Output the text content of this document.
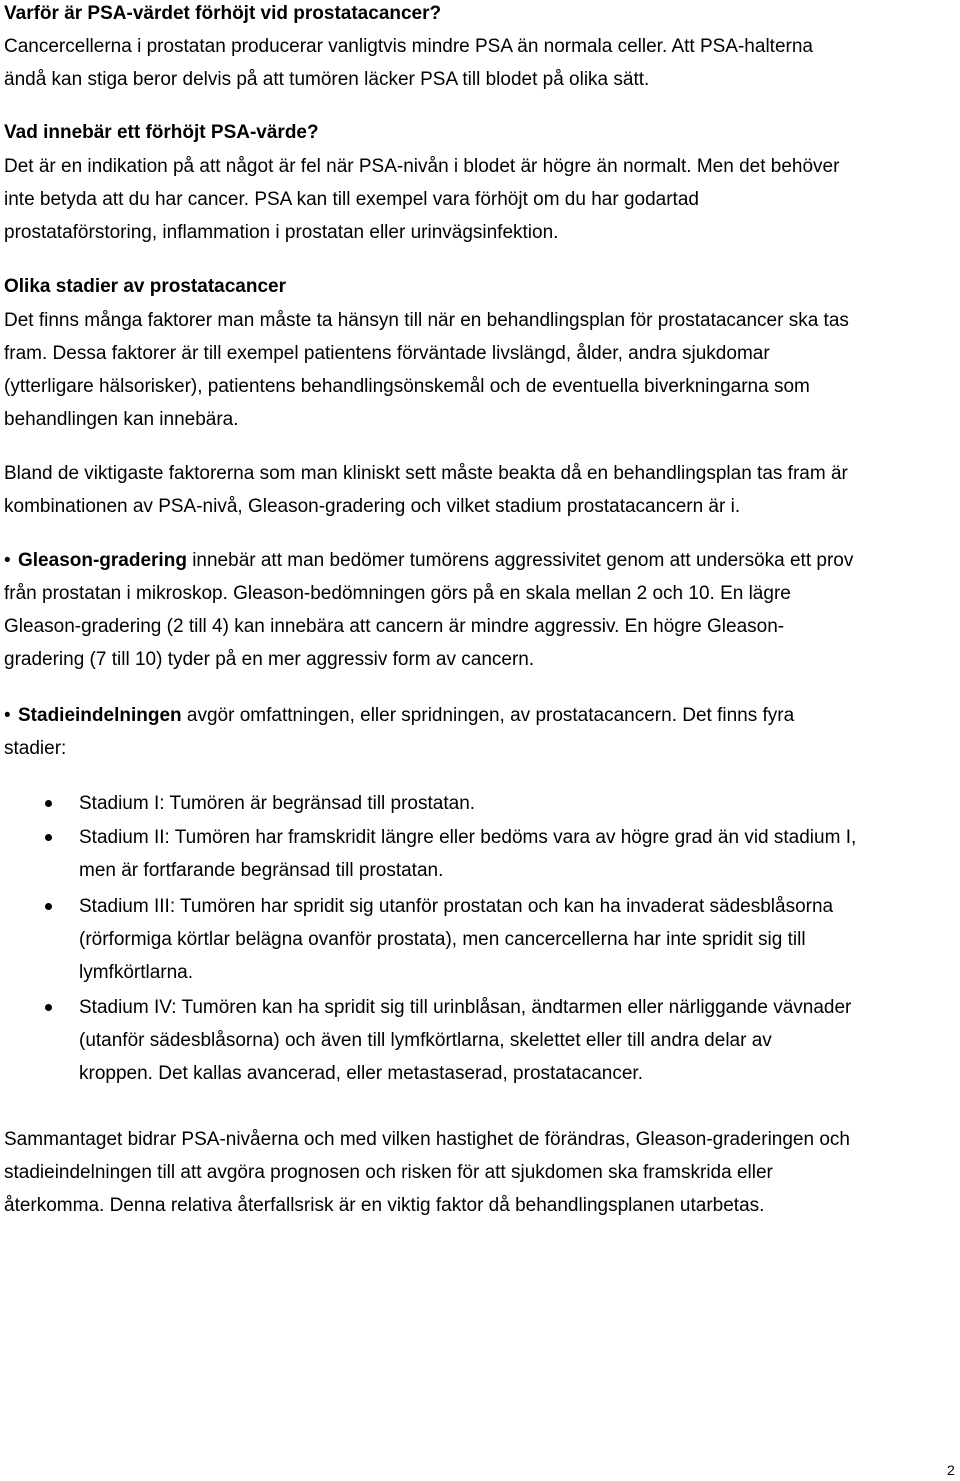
Varför är PSA-värdet förhöjt vid prostatacancer?
Cancercellerna i prostatan producerar vanligtvis mindre PSA än normala celler. Att PSA-halterna
ändå kan stiga beror delvis på att tumören läcker PSA till blodet på olika sätt.
Vad innebär ett förhöjt PSA-värde?
Det är en indikation på att något är fel när PSA-nivån i blodet är högre än normalt. Men det behöver
inte betyda att du har cancer. PSA kan till exempel vara förhöjt om du har godartad
prostataförstoring, inflammation i prostatan eller urinvägsinfektion.
Olika stadier av prostatacancer
Det finns många faktorer man måste ta hänsyn till när en behandlingsplan för prostatacancer ska tas
fram. Dessa faktorer är till exempel patientens förväntade livslängd, ålder, andra sjukdomar
(ytterligare hälsorisker), patientens behandlingsönskemål och de eventuella biverkningarna som
behandlingen kan innebära.
Bland de viktigaste faktorerna som man kliniskt sett måste beakta då en behandlingsplan tas fram är
kombinationen av PSA-nivå, Gleason-gradering och vilket stadium prostatacancern är i.
• Gleason-gradering innebär att man bedömer tumörens aggressivitet genom att undersöka ett prov
från prostatan i mikroskop. Gleason-bedömningen görs på en skala mellan 2 och 10. En lägre
Gleason-gradering (2 till 4) kan innebära att cancern är mindre aggressiv. En högre Gleason-
gradering (7 till 10) tyder på en mer aggressiv form av cancern.
• Stadieindelningen avgör omfattningen, eller spridningen, av prostatacancern. Det finns fyra
stadier:
Stadium I: Tumören är begränsad till prostatan.
Stadium II: Tumören har framskridit längre eller bedöms vara av högre grad än vid stadium I,
men är fortfarande begränsad till prostatan.
Stadium III: Tumören har spridit sig utanför prostatan och kan ha invaderat sädesblåsorna
(rörformiga körtlar belägna ovanför prostata), men cancercellerna har inte spridit sig till
lymfkörtlarna.
Stadium IV: Tumören kan ha spridit sig till urinblåsan, ändtarmen eller närliggande vävnader
(utanför sädesblåsorna) och även till lymfkörtlarna, skelettet eller till andra delar av
kroppen. Det kallas avancerad, eller metastaserad, prostatacancer.
Sammantaget bidrar PSA-nivåerna och med vilken hastighet de förändras, Gleason-graderingen och
stadieindelningen till att avgöra prognosen och risken för att sjukdomen ska framskrida eller
återkomma. Denna relativa återfallsrisk är en viktig faktor då behandlingsplanen utarbetas.
2
